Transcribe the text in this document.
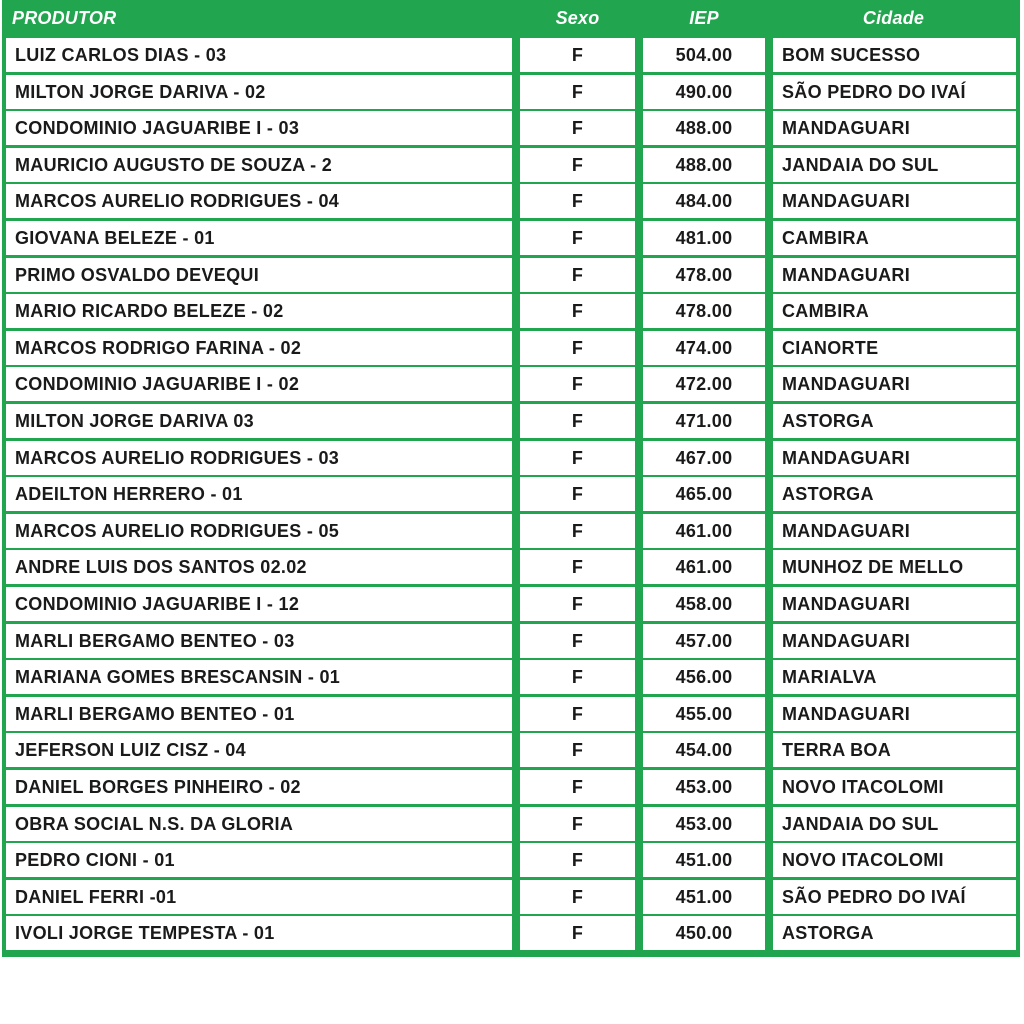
PRODUTOR	Sexo	IEP	Cidade
LUIZ CARLOS DIAS - 03	F	504.00	BOM SUCESSO
MILTON JORGE DARIVA - 02	F	490.00	SÃO PEDRO DO IVAÍ
CONDOMINIO JAGUARIBE I - 03	F	488.00	MANDAGUARI
MAURICIO AUGUSTO DE SOUZA - 2	F	488.00	JANDAIA DO SUL
MARCOS AURELIO RODRIGUES - 04	F	484.00	MANDAGUARI
GIOVANA BELEZE - 01	F	481.00	CAMBIRA
PRIMO OSVALDO DEVEQUI	F	478.00	MANDAGUARI
MARIO RICARDO BELEZE - 02	F	478.00	CAMBIRA
MARCOS RODRIGO FARINA - 02	F	474.00	CIANORTE
CONDOMINIO JAGUARIBE I - 02	F	472.00	MANDAGUARI
MILTON JORGE DARIVA 03	F	471.00	ASTORGA
MARCOS AURELIO RODRIGUES - 03	F	467.00	MANDAGUARI
ADEILTON HERRERO - 01	F	465.00	ASTORGA
MARCOS AURELIO RODRIGUES - 05	F	461.00	MANDAGUARI
ANDRE LUIS DOS SANTOS 02.02	F	461.00	MUNHOZ DE MELLO
CONDOMINIO JAGUARIBE I - 12	F	458.00	MANDAGUARI
MARLI BERGAMO BENTEO - 03	F	457.00	MANDAGUARI
MARIANA GOMES BRESCANSIN - 01	F	456.00	MARIALVA
MARLI BERGAMO BENTEO - 01	F	455.00	MANDAGUARI
JEFERSON LUIZ CISZ - 04	F	454.00	TERRA BOA
DANIEL BORGES PINHEIRO - 02	F	453.00	NOVO ITACOLOMI
OBRA SOCIAL N.S. DA GLORIA	F	453.00	JANDAIA DO SUL
PEDRO CIONI - 01	F	451.00	NOVO ITACOLOMI
DANIEL FERRI -01	F	451.00	SÃO PEDRO DO IVAÍ
IVOLI JORGE TEMPESTA - 01	F	450.00	ASTORGA
